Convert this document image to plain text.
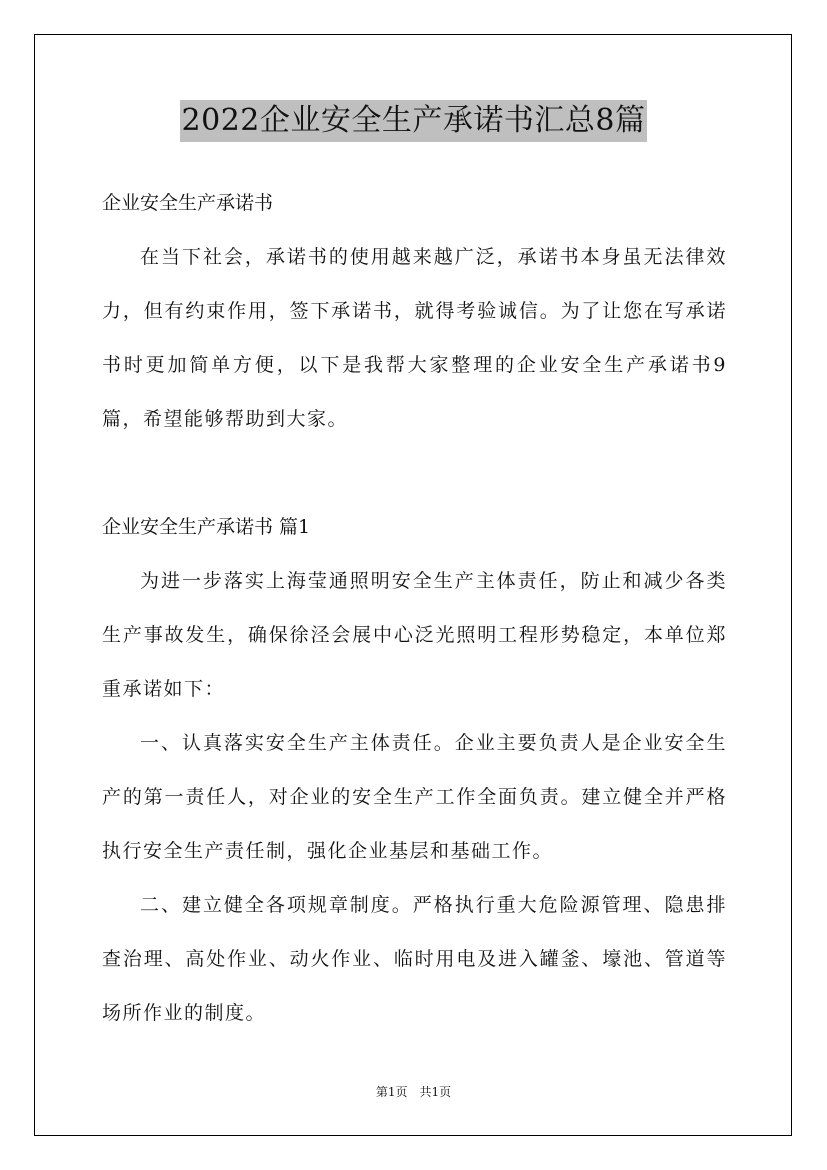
2022企业安全生产承诺书汇总8篇

企业安全生产承诺书

在当下社会，承诺书的使用越来越广泛，承诺书本身虽无法律效力，但有约束作用，签下承诺书，就得考验诚信。为了让您在写承诺书时更加简单方便，以下是我帮大家整理的企业安全生产承诺书9篇，希望能够帮助到大家。

企业安全生产承诺书 篇1

为进一步落实上海莹通照明安全生产主体责任，防止和减少各类生产事故发生，确保徐泾会展中心泛光照明工程形势稳定，本单位郑重承诺如下：

一、认真落实安全生产主体责任。企业主要负责人是企业安全生产的第一责任人，对企业的安全生产工作全面负责。建立健全并严格执行安全生产责任制，强化企业基层和基础工作。

二、建立健全各项规章制度。严格执行重大危险源管理、隐患排查治理、高处作业、动火作业、临时用电及进入罐釜、壕池、管道等场所作业的制度。

第1页　共1页
